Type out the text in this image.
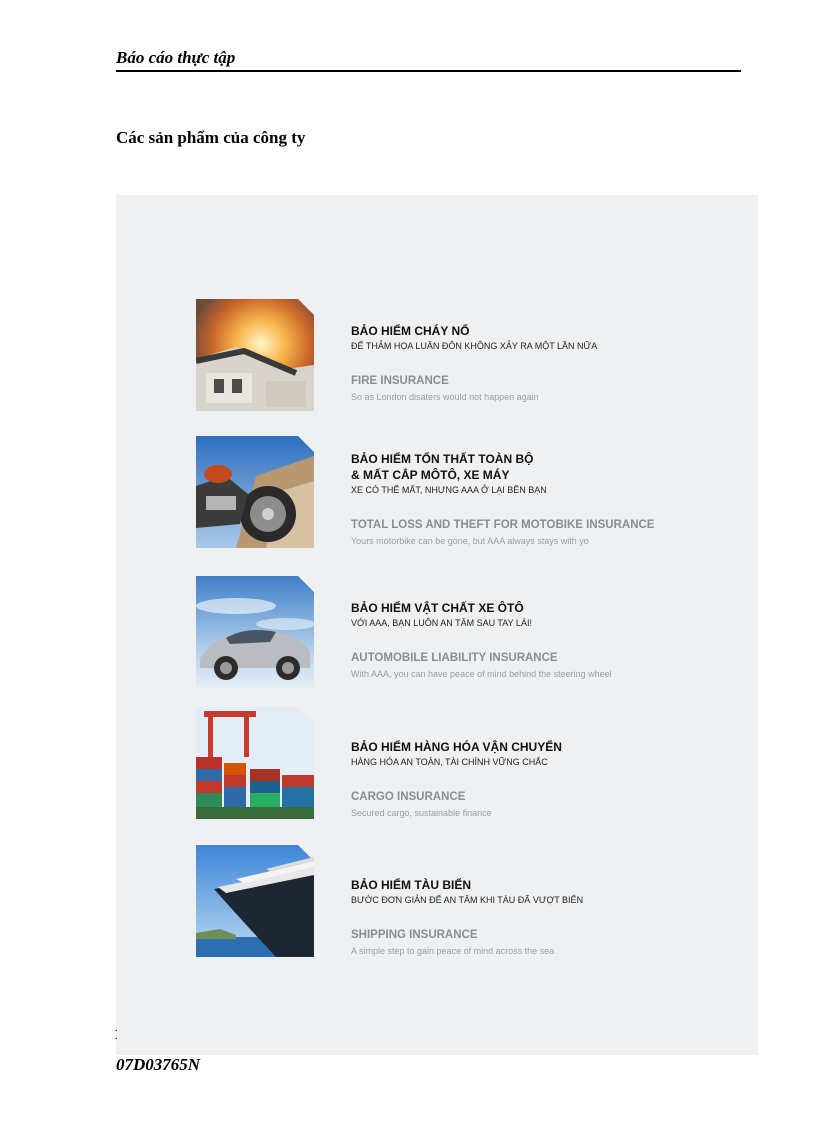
Báo cáo thực tập
Các sản phẩm của công ty
BẢO HIỂM CHÁY NỔ
ĐỂ THẢM HỌA LUÂN ĐÔN KHÔNG XẢY RA MỘT LẦN NỮA
FIRE INSURANCE
So as London disaters would not happen again
BẢO HIỂM TỔN THẤT TOÀN BỘ
& MẤT CẮP MÔTÔ, XE MÁY
XE CÓ THỂ MẤT, NHƯNG AAA Ở LẠI BÊN BẠN
TOTAL LOSS AND THEFT FOR MOTOBIKE INSURANCE
Yours motorbike can be gone, but AAA always stays with yo
BẢO HIỂM VẬT CHẤT XE ÔTÔ
VỚI AAA, BẠN LUÔN AN TÂM SAU TAY LÁI!
AUTOMOBILE LIABILITY INSURANCE
With AAA, you can have peace of mind behind the steering wheel
BẢO HIỂM HÀNG HÓA VẬN CHUYỂN
HÀNG HÓA AN TOÀN, TÀI CHÍNH VỮNG CHẮC
CARGO INSURANCE
Secured cargo, sustainable finance
BẢO HIỂM TÀU BIỂN
BƯỚC ĐƠN GIẢN ĐỂ AN TÂM KHI TÀU ĐÃ VƯỢT BIỂN
SHIPPING INSURANCE
A simple step to gain peace of mind across the sea
.
.
07D03765N
